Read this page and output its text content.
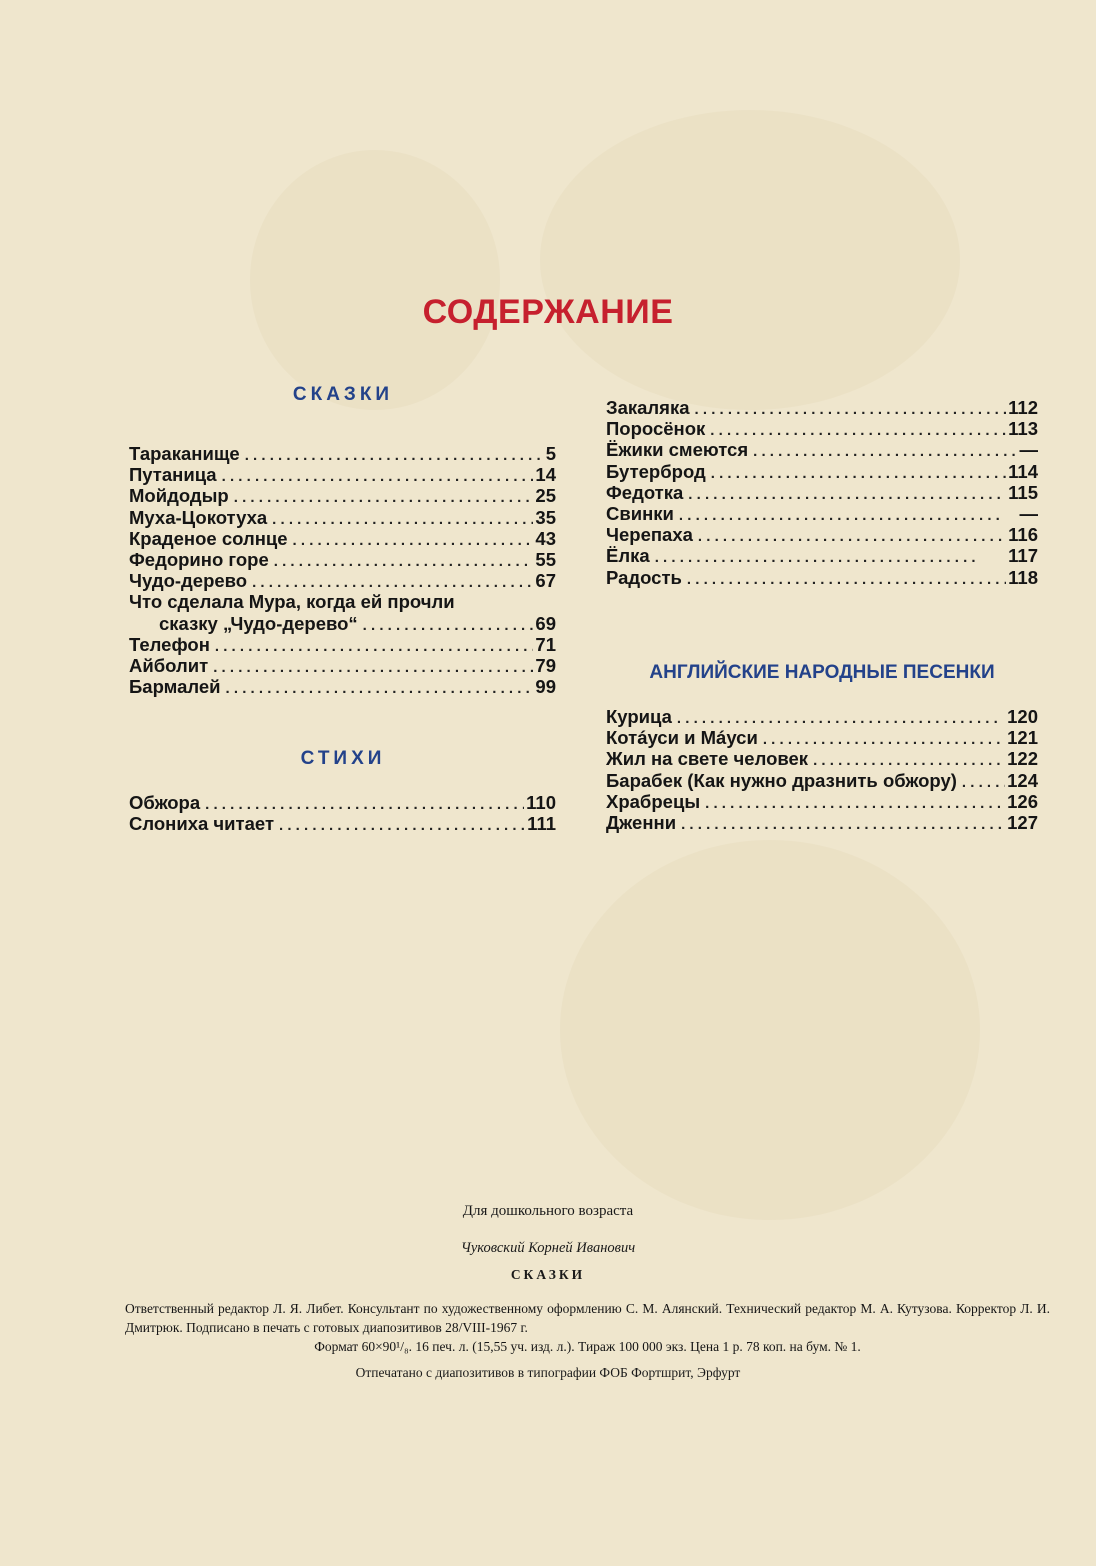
СОДЕРЖАНИЕ
СКАЗКИ
Тараканище . . .	5
Путаница . . .	14
Мойдодыр . . .	25
Муха-Цокотуха . . .	35
Краденое солнце . . .	43
Федорино горе . . .	55
Чудо-дерево . . .	67
Что сделала Мура, когда ей прочли
сказку „Чудо-дерево“ . . .	69
Телефон . . .	71
Айболит . . .	79
Бармалей . . .	99
СТИХИ
Обжора . . .	110
Слониха читает . . .	111
Закаляка . . .	112
Поросёнок . . .	113
Ёжики смеются . . .	—
Бутерброд . . .	114
Федотка . . .	115
Свинки . . .	—
Черепаха . . .	116
Ёлка . . .	117
Радость . . .	118
АНГЛИЙСКИЕ НАРОДНЫЕ ПЕСЕНКИ
Курица . . .	120
Котáуси и Мáуси . . .	121
Жил на свете человек . . .	122
Барабек (Как нужно дразнить обжору) . . .	124
Храбрецы . . .	126
Дженни . . .	127

Для дошкольного возраста

Чуковский Корней Иванович

СКАЗКИ

Ответственный редактор Л. Я. Либет. Консультант по художественному оформлению С. М. Алянский. Технический редактор М. А. Кутузова. Корректор Л. И. Дмитрюк. Подписано в печать с готовых диапозитивов 28/VIII-1967 г.
Формат 60×90¹/₈. 16 печ. л. (15,55 уч. изд. л.). Тираж 100 000 экз. Цена 1 р. 78 коп. на бум. № 1.

Отпечатано с диапозитивов в типографии ФОБ Фортшрит, Эрфурт
